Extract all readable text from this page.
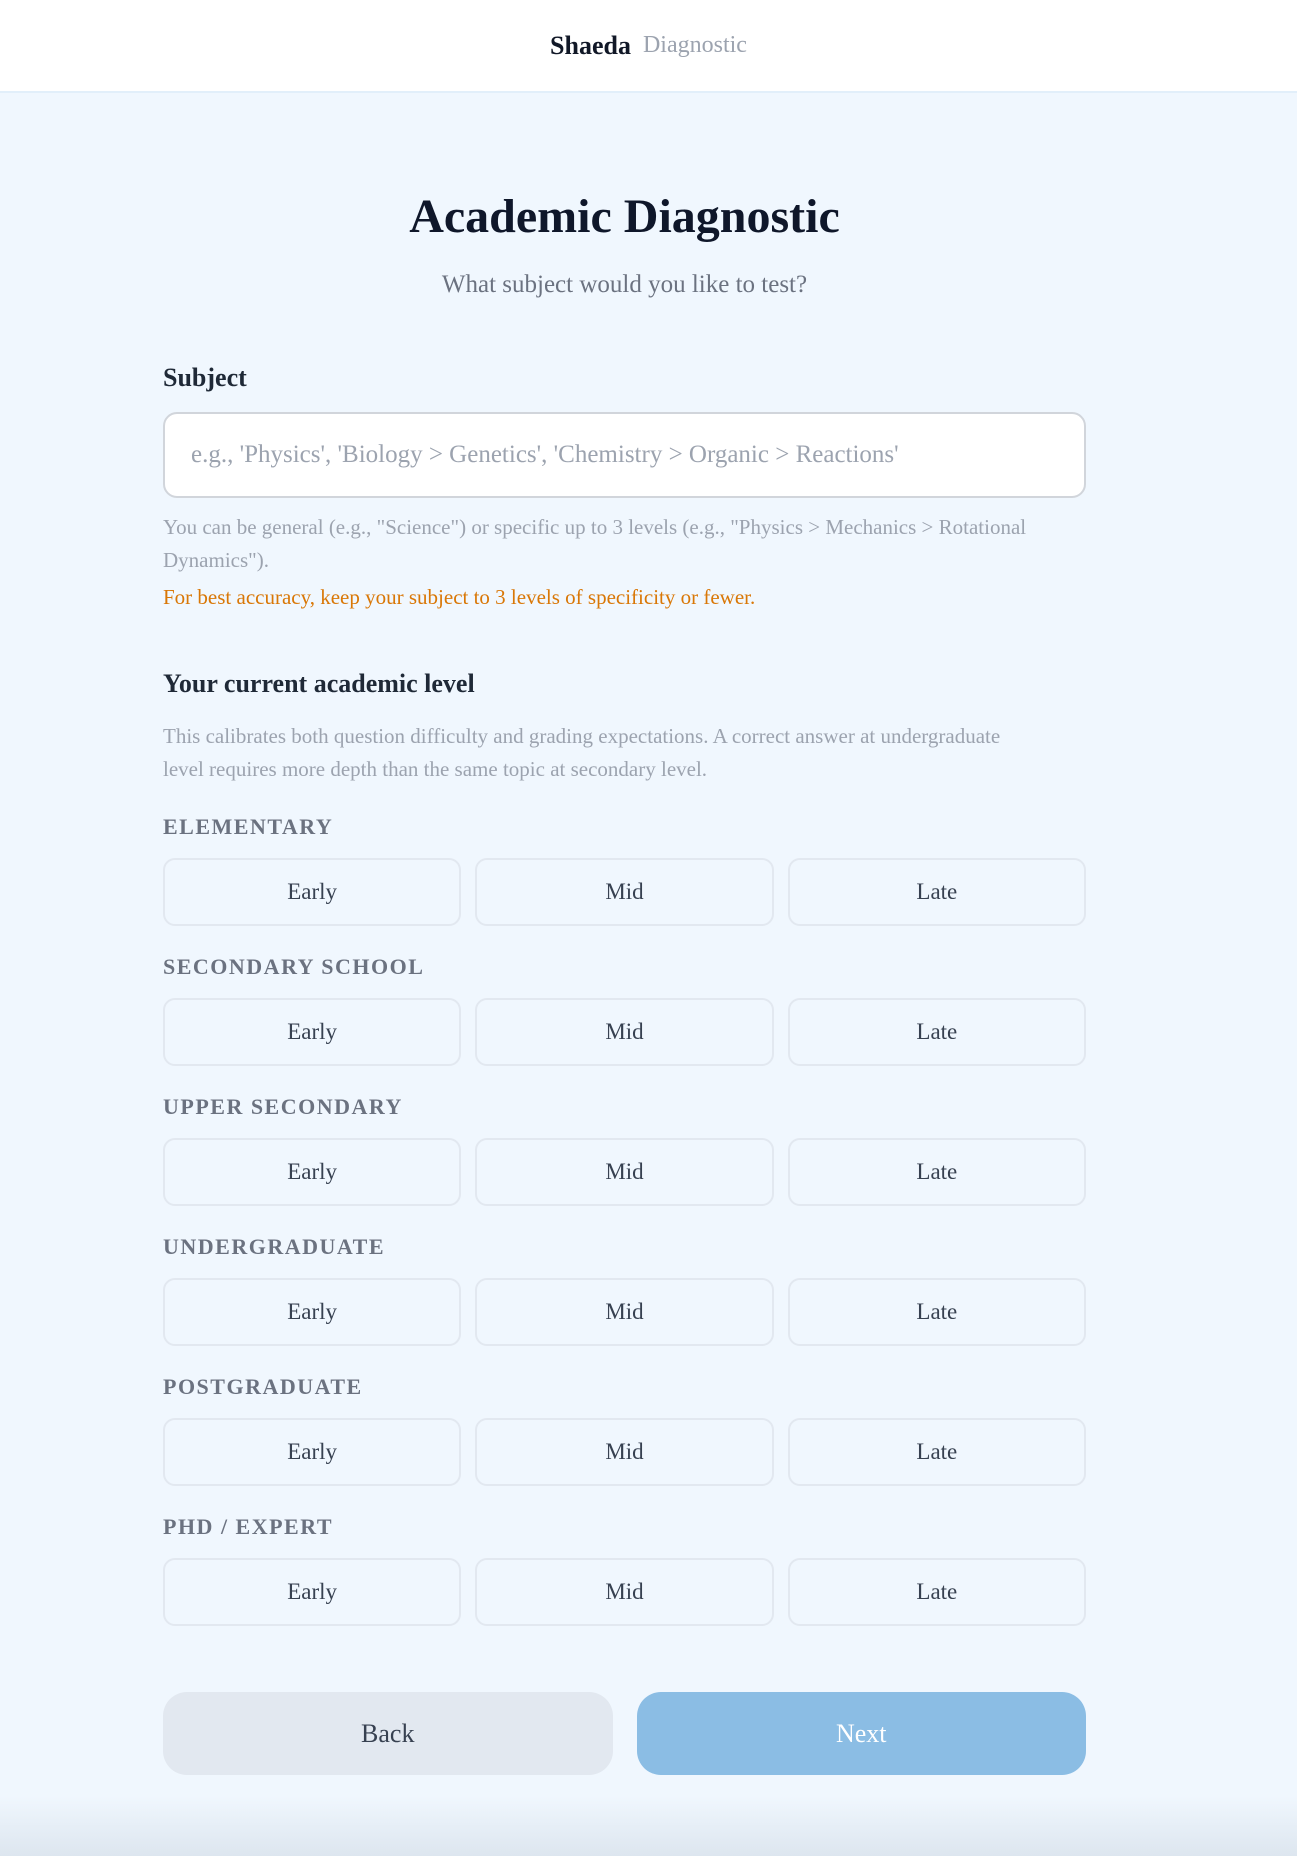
Shaeda Diagnostic
Academic Diagnostic

What subject would you like to test?

Subject
e.g., 'Physics', 'Biology > Genetics', 'Chemistry > Organic > Reactions'

You can be general (e.g., "Science") or specific up to 3 levels (e.g., "Physics > Mechanics > Rotational Dynamics").

For best accuracy, keep your subject to 3 levels of specificity or fewer.

Your current academic level

This calibrates both question difficulty and grading expectations. A correct answer at undergraduate level requires more depth than the same topic at secondary level.

ELEMENTARY
Early	Mid	Late
SECONDARY SCHOOL
Early	Mid	Late
UPPER SECONDARY
Early	Mid	Late
UNDERGRADUATE
Early	Mid	Late
POSTGRADUATE
Early	Mid	Late
PHD / EXPERT
Early	Mid	Late
Back	Next
